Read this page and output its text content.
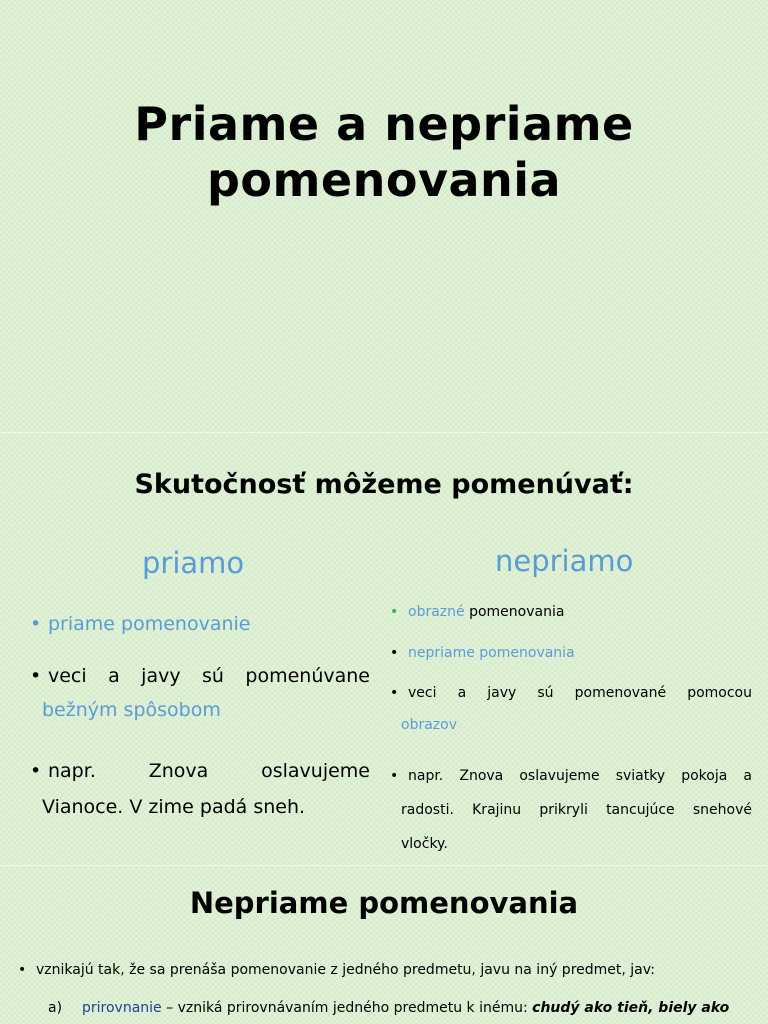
Priame a nepriame
pomenovania
Skutočnosť môžeme pomenúvať:
priamo
• priame pomenovanie
• veci a javy sú pomenúvane
bežným spôsobom
• napr. Znova oslavujeme
Vianoce. V zime padá sneh.
nepriamo
• obrazné pomenovania
• nepriame pomenovania
• veci a javy sú pomenované pomocou
obrazov
• napr. Znova oslavujeme sviatky pokoja a
radosti. Krajinu prikryli tancujúce snehové
vločky.
Nepriame pomenovania
• vznikajú tak, že sa prenáša pomenovanie z jedného predmetu, javu na iný predmet, jav:
a) prirovnanie – vzniká prirovnávaním jedného predmetu k inému: chudý ako tieň, biely ako
